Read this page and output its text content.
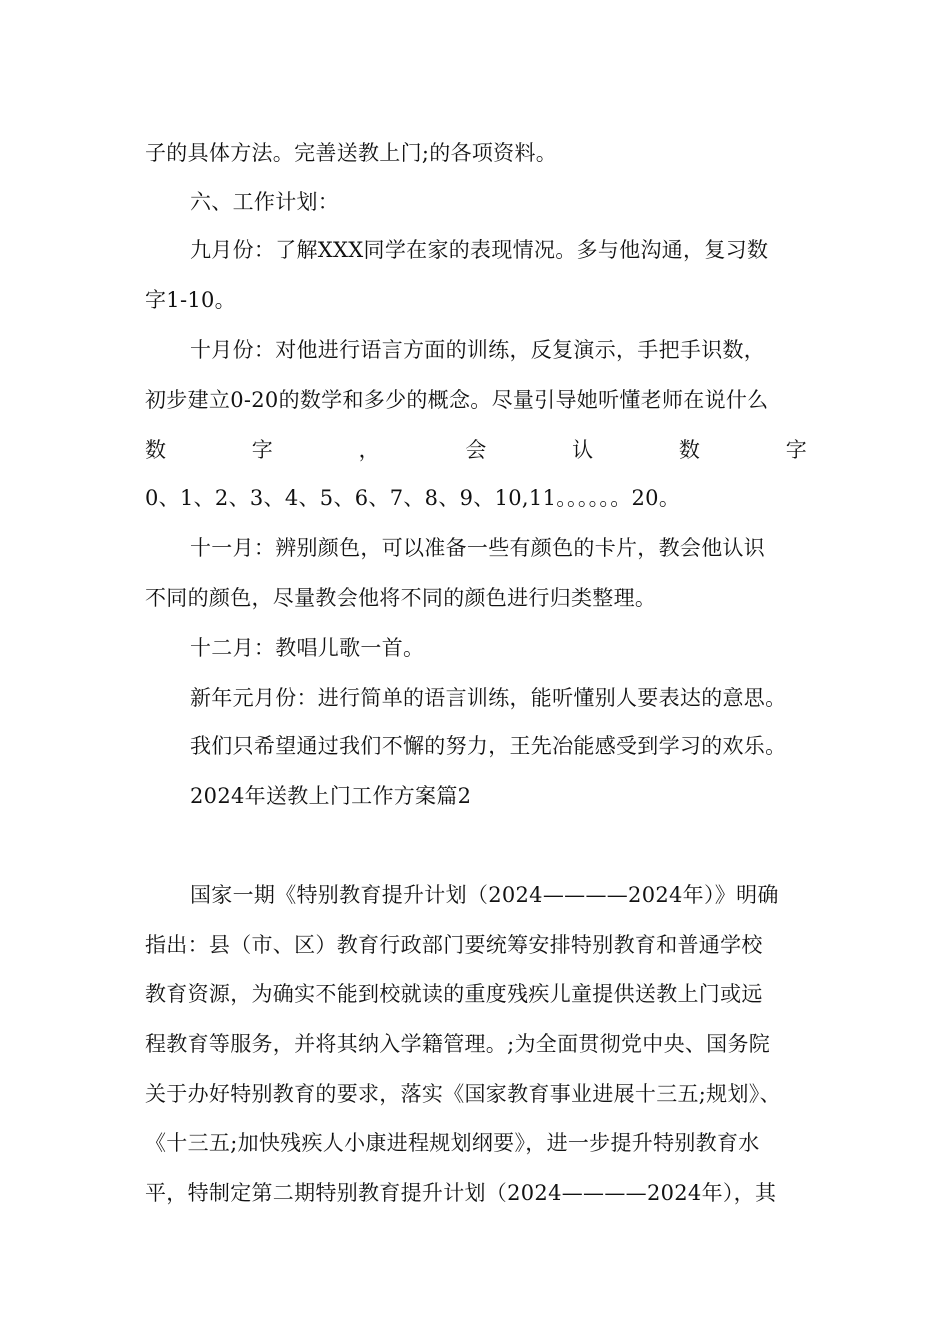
子的具体方法。完善送教上门;的各项资料。
六、工作计划：
九月份：了解XXX同学在家的表现情况。多与他沟通，复习数
字1-10。
十月份：对他进行语言方面的训练，反复演示，手把手识数，
初步建立0-20的数学和多少的概念。尽量引导她听懂老师在说什么
数	字	，	会	认	数	字
0、1、2、3、4、5、6、7、8、9、10,11。。。。。。20。
十一月：辨别颜色，可以准备一些有颜色的卡片，教会他认识
不同的颜色，尽量教会他将不同的颜色进行归类整理。
十二月：教唱儿歌一首。
新年元月份：进行简单的语言训练，能听懂别人要表达的意思。
我们只希望通过我们不懈的努力，王先冶能感受到学习的欢乐。
2024年送教上门工作方案篇2
国家一期《特别教育提升计划（2024————2024年）》明确
指出：县（市、区）教育行政部门要统筹安排特别教育和普通学校
教育资源，为确实不能到校就读的重度残疾儿童提供送教上门或远
程教育等服务，并将其纳入学籍管理。;为全面贯彻党中央、国务院
关于办好特别教育的要求，落实《国家教育事业进展十三五;规划》、
《十三五;加快残疾人小康进程规划纲要》，进一步提升特别教育水
平，特制定第二期特别教育提升计划（2024————2024年），其
